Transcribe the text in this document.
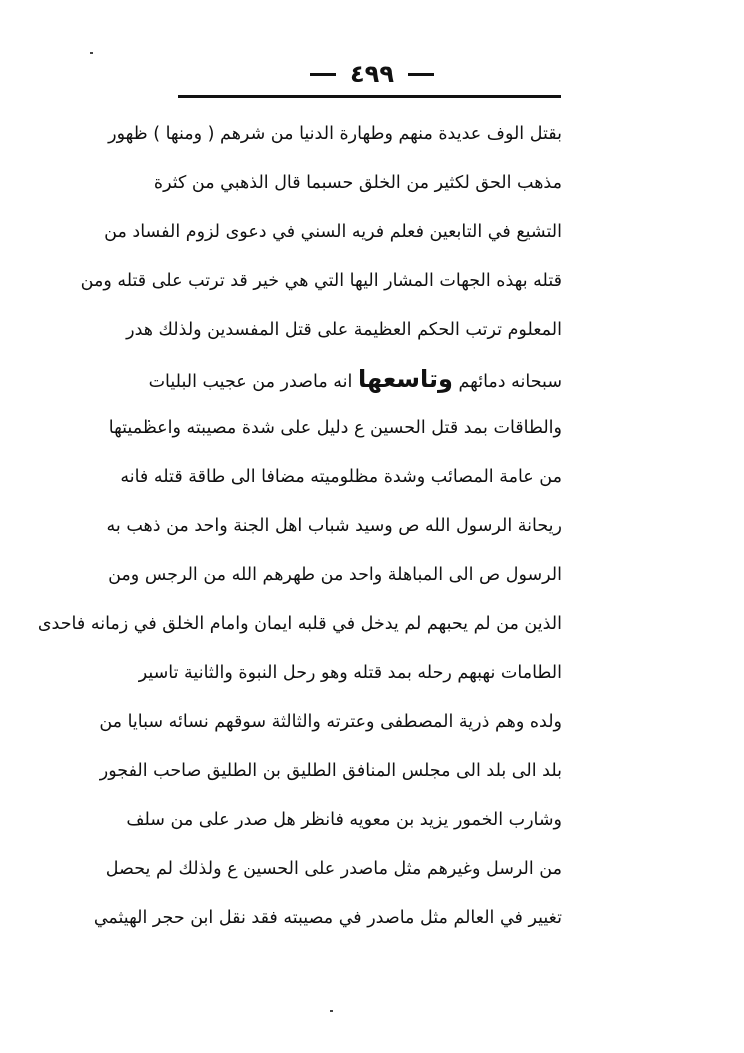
٤٩٩
بقتل الوف عديدة منهم وطهارة الدنيا من شرهم ( ومنها ) ظهور
مذهب الحق لكثير من الخلق حسبما قال الذهبي من كثرة
التشيع في التابعين فعلم فريه السني في دعوى لزوم الفساد من
قتله بهذه الجهات المشار اليها التي هي خير قد ترتب على قتله ومن
المعلوم ترتب الحكم العظيمة على قتل المفسدين ولذلك هدر
سبحانه دمائهم وتاسعها انه ماصدر من عجيب البليات
والطاقات بمد قتل الحسين ع دليل على شدة مصيبته واعظميتها
من عامة المصائب وشدة مظلوميته مضافا الى طاقة قتله فانه
ريحانة الرسول الله ص وسيد شباب اهل الجنة واحد من ذهب به
الرسول ص الى المباهلة واحد من طهرهم الله من الرجس ومن
الذين من لم يحبهم لم يدخل في قلبه ايمان وامام الخلق في زمانه فاحدى
الطامات نهبهم رحله بمد قتله وهو رحل النبوة والثانية تاسير
ولده وهم ذرية المصطفى وعترته والثالثة سوقهم نسائه سبايا من
بلد الى بلد الى مجلس المنافق الطليق بن الطليق صاحب الفجور
وشارب الخمور يزيد بن معويه فانظر هل صدر على من سلف
من الرسل وغيرهم مثل ماصدر على الحسين ع ولذلك لم يحصل
تغيير في العالم مثل ماصدر في مصيبته فقد نقل ابن حجر الهيثمي
